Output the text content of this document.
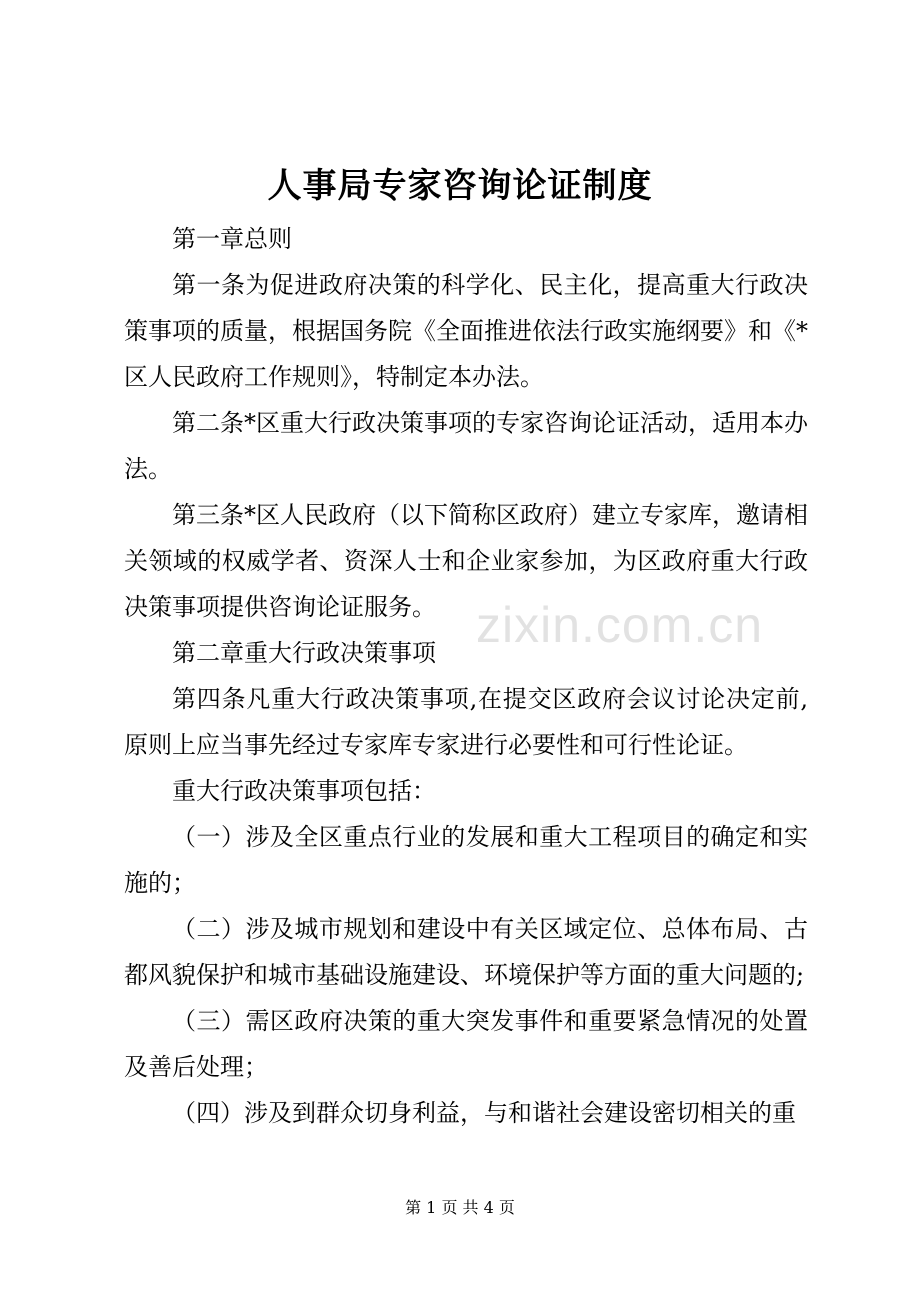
人事局专家咨询论证制度

第一章总则

第一条为促进政府决策的科学化、民主化，提高重大行政决策事项的质量，根据国务院《全面推进依法行政实施纲要》和《*区人民政府工作规则》，特制定本办法。

第二条*区重大行政决策事项的专家咨询论证活动，适用本办法。

第三条*区人民政府（以下简称区政府）建立专家库，邀请相关领域的权威学者、资深人士和企业家参加，为区政府重大行政决策事项提供咨询论证服务。

第二章重大行政决策事项

第四条凡重大行政决策事项,在提交区政府会议讨论决定前,原则上应当事先经过专家库专家进行必要性和可行性论证。

重大行政决策事项包括：

（一）涉及全区重点行业的发展和重大工程项目的确定和实施的；

（二）涉及城市规划和建设中有关区域定位、总体布局、古都风貌保护和城市基础设施建设、环境保护等方面的重大问题的;

（三）需区政府决策的重大突发事件和重要紧急情况的处置及善后处理；

（四）涉及到群众切身利益，与和谐社会建设密切相关的重

zixin.com.cn
第 1 页 共 4 页
